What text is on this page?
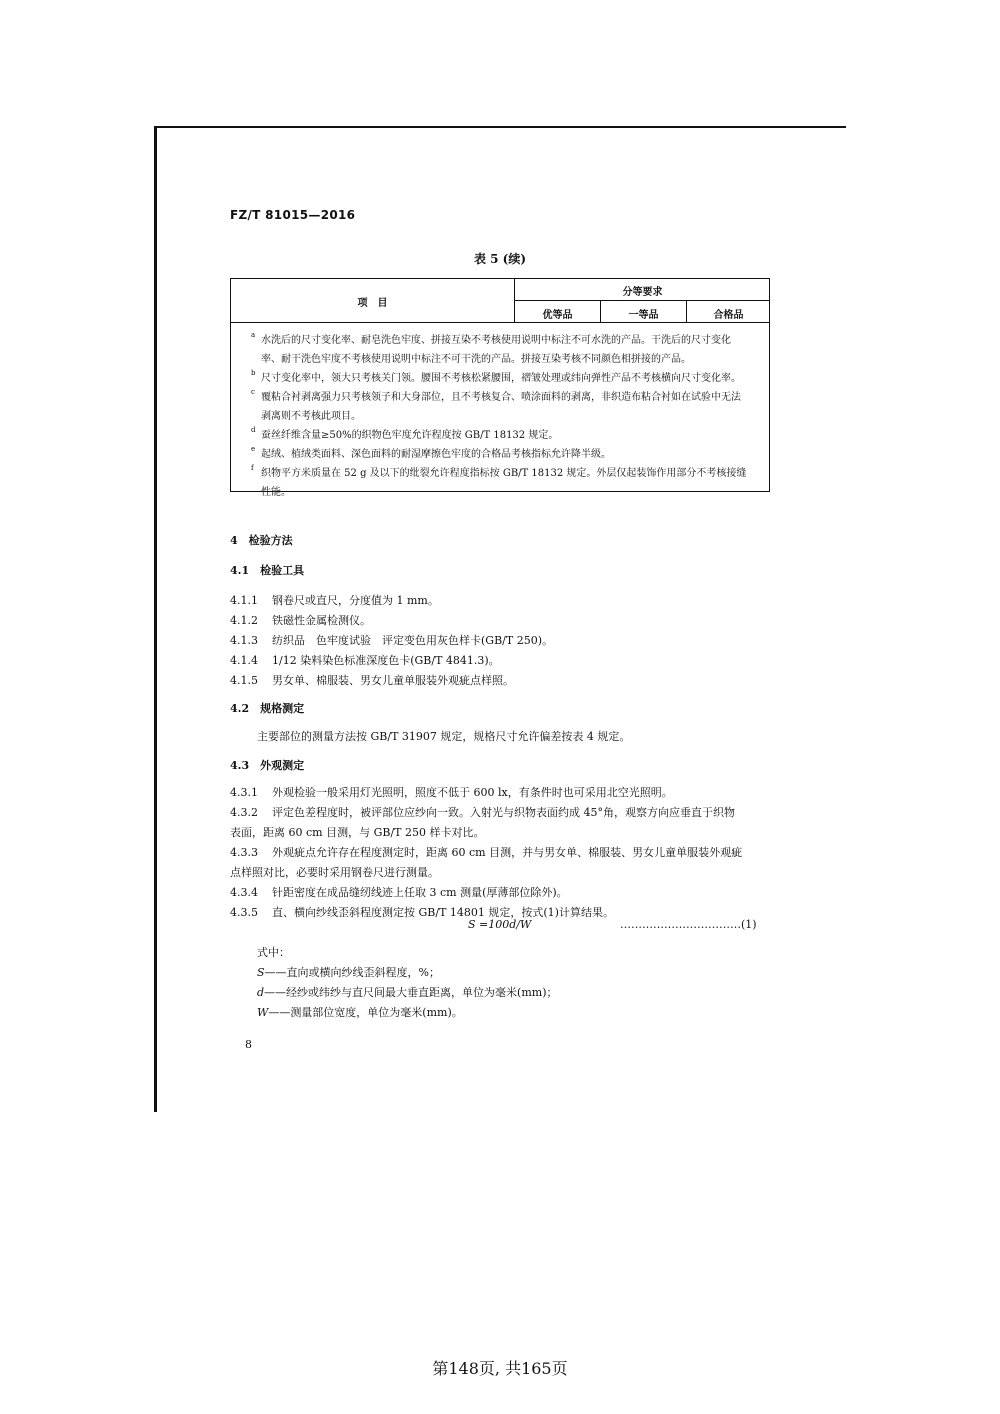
FZ/T 81015—2016
表 5 (续)
项　目
分等要求
优等品	一等品	合格品
a 水洗后的尺寸变化率、耐皂洗色牢度、拼接互染不考核使用说明中标注不可水洗的产品。干洗后的尺寸变化
率、耐干洗色牢度不考核使用说明中标注不可干洗的产品。拼接互染考核不同颜色相拼接的产品。
b 尺寸变化率中，领大只考核关门领。腰围不考核松紧腰围，褶皱处理或纬向弹性产品不考核横向尺寸变化率。
c 覆粘合衬剥离强力只考核领子和大身部位，且不考核复合、喷涂面料的剥离，非织造布粘合衬如在试验中无法
剥离则不考核此项目。
d 蚕丝纤维含量≥50%的织物色牢度允许程度按 GB/T 18132 规定。
e 起绒、植绒类面料、深色面料的耐湿摩擦色牢度的合格品考核指标允许降半级。
f 织物平方米质量在 52 g 及以下的纰裂允许程度指标按 GB/T 18132 规定。外层仅起装饰作用部分不考核接缝
性能。
4　检验方法
4.1　检验工具
4.1.1 钢卷尺或直尺，分度值为 1 mm。
4.1.2 铁磁性金属检测仪。
4.1.3 纺织品　色牢度试验　评定变色用灰色样卡(GB/T 250)。
4.1.4 1/12 染料染色标准深度色卡(GB/T 4841.3)。
4.1.5 男女单、棉服装、男女儿童单服装外观疵点样照。
4.2　规格测定
主要部位的测量方法按 GB/T 31907 规定，规格尺寸允许偏差按表 4 规定。
4.3　外观测定
4.3.1 外观检验一般采用灯光照明，照度不低于 600 lx，有条件时也可采用北空光照明。
4.3.2 评定色差程度时，被评部位应纱向一致。入射光与织物表面约成 45°角，观察方向应垂直于织物
表面，距离 60 cm 目测，与 GB/T 250 样卡对比。
4.3.3 外观疵点允许存在程度测定时，距离 60 cm 目测，并与男女单、棉服装、男女儿童单服装外观疵
点样照对比，必要时采用钢卷尺进行测量。
4.3.4 针距密度在成品缝纫线迹上任取 3 cm 测量(厚薄部位除外)。
4.3.5 直、横向纱线歪斜程度测定按 GB/T 14801 规定，按式(1)计算结果。
S =100d/W	……………………………(1)
式中：
S——直向或横向纱线歪斜程度，%；
d——经纱或纬纱与直尺间最大垂直距离，单位为毫米(mm)；
W——测量部位宽度，单位为毫米(mm)。
8
第148页, 共165页
